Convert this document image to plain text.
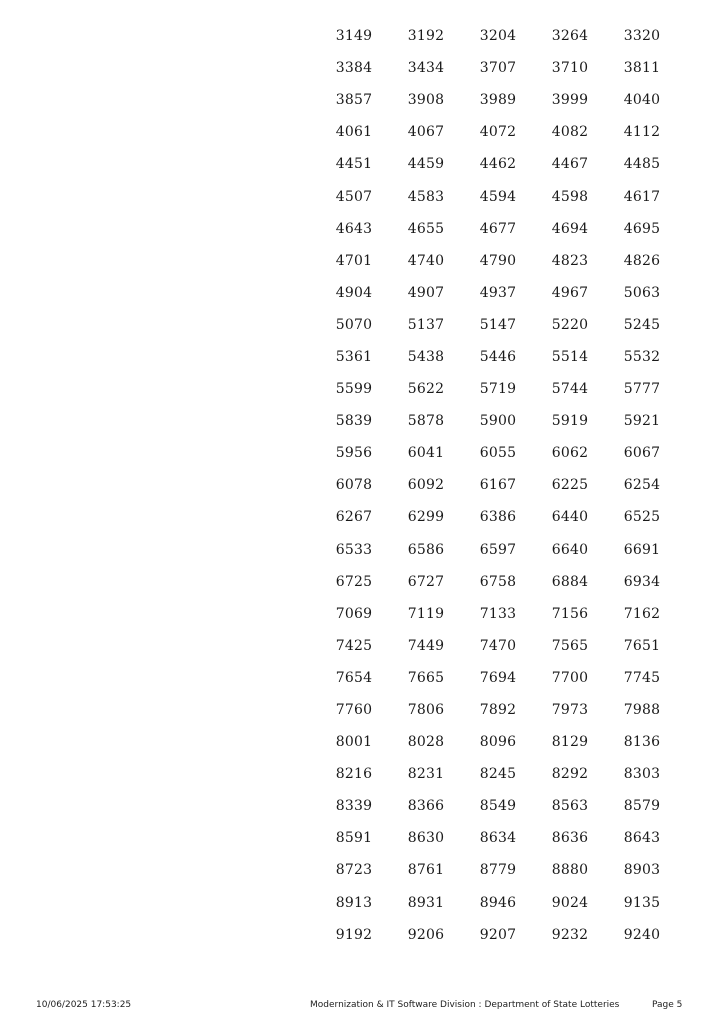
3149	3192	3204	3264	3320
3384	3434	3707	3710	3811
3857	3908	3989	3999	4040
4061	4067	4072	4082	4112
4451	4459	4462	4467	4485
4507	4583	4594	4598	4617
4643	4655	4677	4694	4695
4701	4740	4790	4823	4826
4904	4907	4937	4967	5063
5070	5137	5147	5220	5245
5361	5438	5446	5514	5532
5599	5622	5719	5744	5777
5839	5878	5900	5919	5921
5956	6041	6055	6062	6067
6078	6092	6167	6225	6254
6267	6299	6386	6440	6525
6533	6586	6597	6640	6691
6725	6727	6758	6884	6934
7069	7119	7133	7156	7162
7425	7449	7470	7565	7651
7654	7665	7694	7700	7745
7760	7806	7892	7973	7988
8001	8028	8096	8129	8136
8216	8231	8245	8292	8303
8339	8366	8549	8563	8579
8591	8630	8634	8636	8643
8723	8761	8779	8880	8903
8913	8931	8946	9024	9135
9192	9206	9207	9232	9240
10/06/2025 17:53:25	Modernization & IT Software Division : Department of State Lotteries	Page 5
